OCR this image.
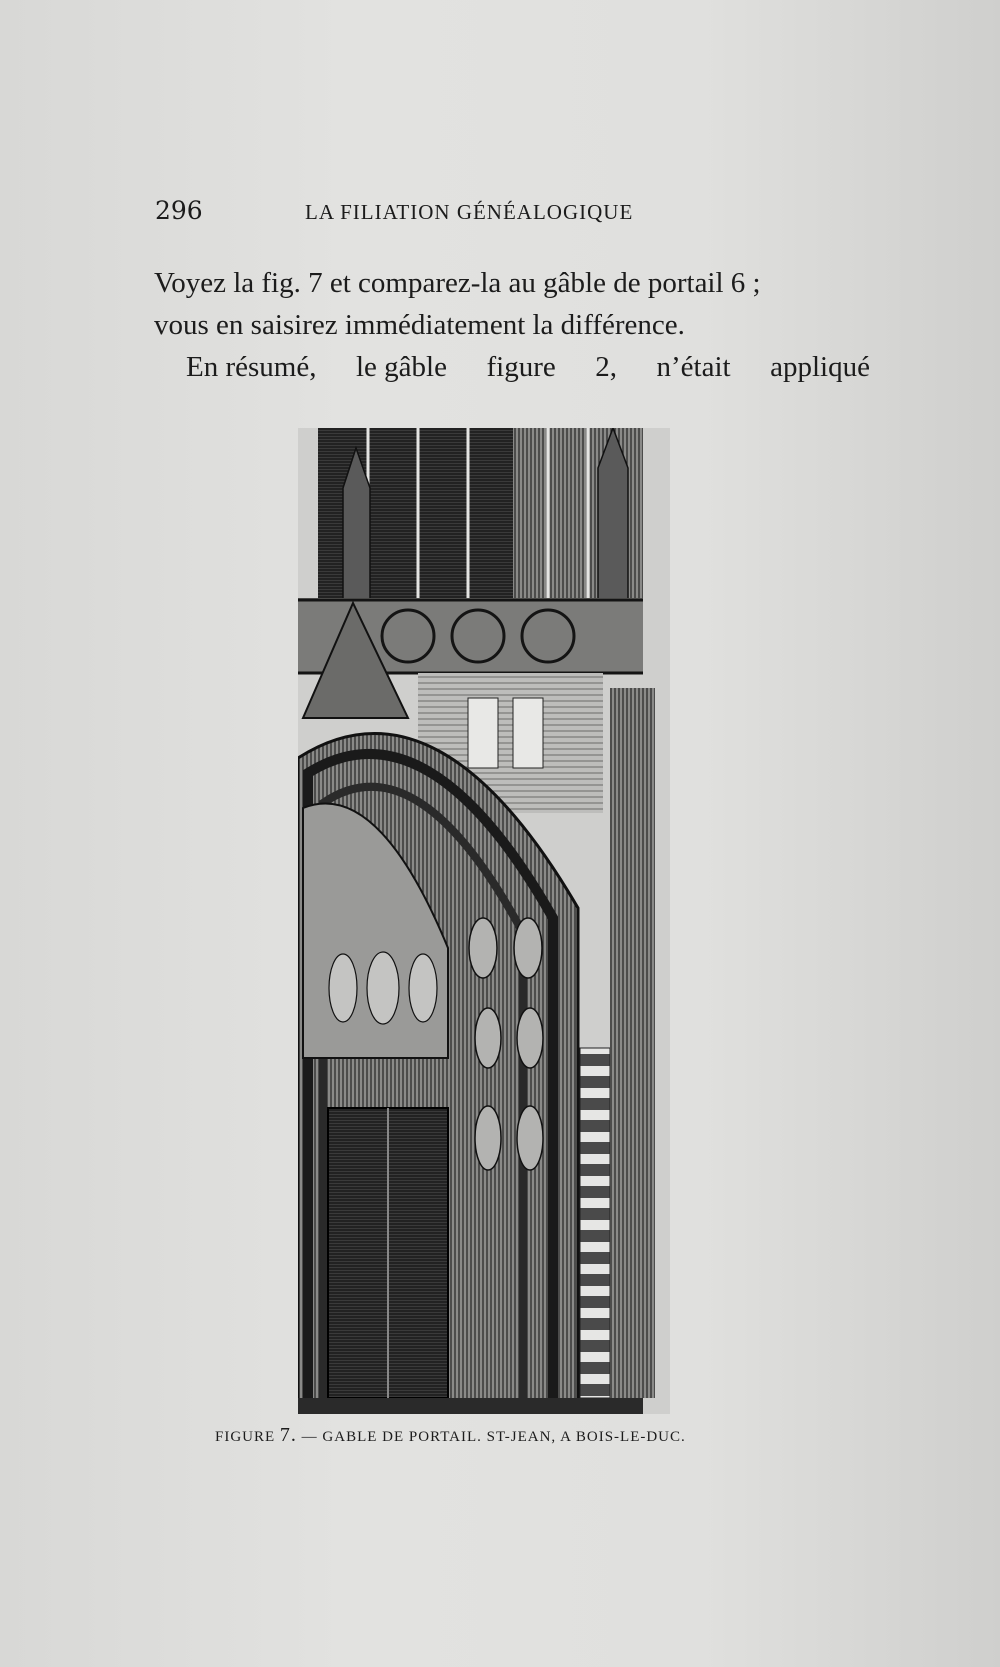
296	LA FILIATION GÉNÉALOGIQUE

Voyez la fig. 7 et comparez-la au gâble de portail 6 ;

vous en saisirez immédiatement la différence.

En résumé, le gâble figure 2, n’était appliqué

FIGURE 7. — GABLE DE PORTAIL. ST-JEAN, A BOIS-LE-DUC.
